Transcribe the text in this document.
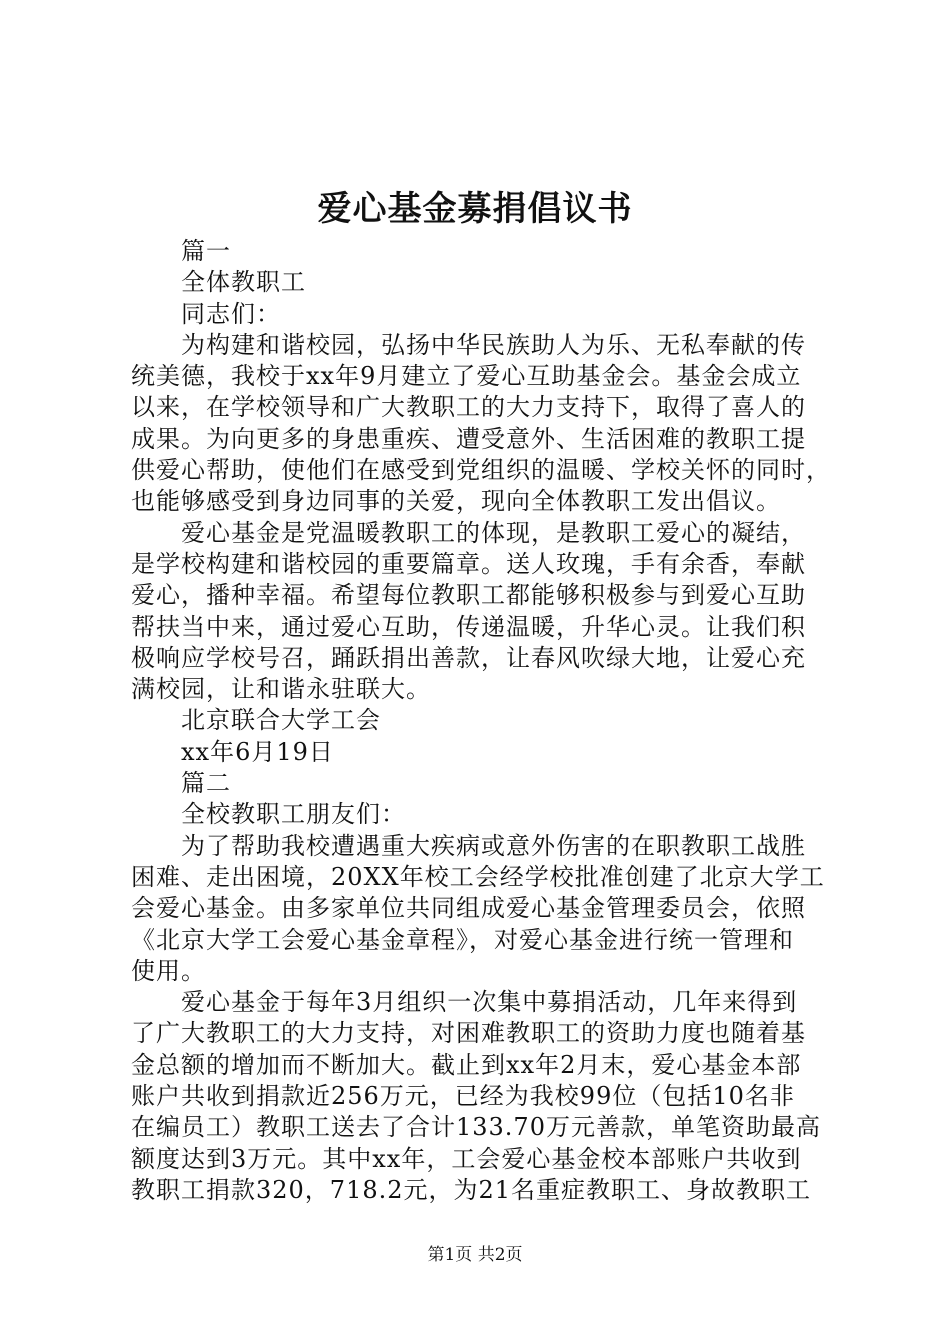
爱心基金募捐倡议书
篇一
全体教职工
同志们：
为构建和谐校园，弘扬中华民族助人为乐、无私奉献的传
统美德，我校于xx年9月建立了爱心互助基金会。基金会成立
以来，在学校领导和广大教职工的大力支持下，取得了喜人的
成果。为向更多的身患重疾、遭受意外、生活困难的教职工提
供爱心帮助，使他们在感受到党组织的温暖、学校关怀的同时，
也能够感受到身边同事的关爱，现向全体教职工发出倡议。
爱心基金是党温暖教职工的体现，是教职工爱心的凝结，
是学校构建和谐校园的重要篇章。送人玫瑰，手有余香，奉献
爱心，播种幸福。希望每位教职工都能够积极参与到爱心互助
帮扶当中来，通过爱心互助，传递温暖，升华心灵。让我们积
极响应学校号召，踊跃捐出善款，让春风吹绿大地，让爱心充
满校园，让和谐永驻联大。
北京联合大学工会
xx年6月19日
篇二
全校教职工朋友们：
为了帮助我校遭遇重大疾病或意外伤害的在职教职工战胜
困难、走出困境，20XX年校工会经学校批准创建了北京大学工
会爱心基金。由多家单位共同组成爱心基金管理委员会，依照
《北京大学工会爱心基金章程》，对爱心基金进行统一管理和
使用。
爱心基金于每年3月组织一次集中募捐活动，几年来得到
了广大教职工的大力支持，对困难教职工的资助力度也随着基
金总额的增加而不断加大。截止到xx年2月末，爱心基金本部
账户共收到捐款近256万元，已经为我校99位（包括10名非
在编员工）教职工送去了合计133.70万元善款，单笔资助最高
额度达到3万元。其中xx年，工会爱心基金校本部账户共收到
教职工捐款320，718.2元，为21名重症教职工、身故教职工
第1页 共2页
